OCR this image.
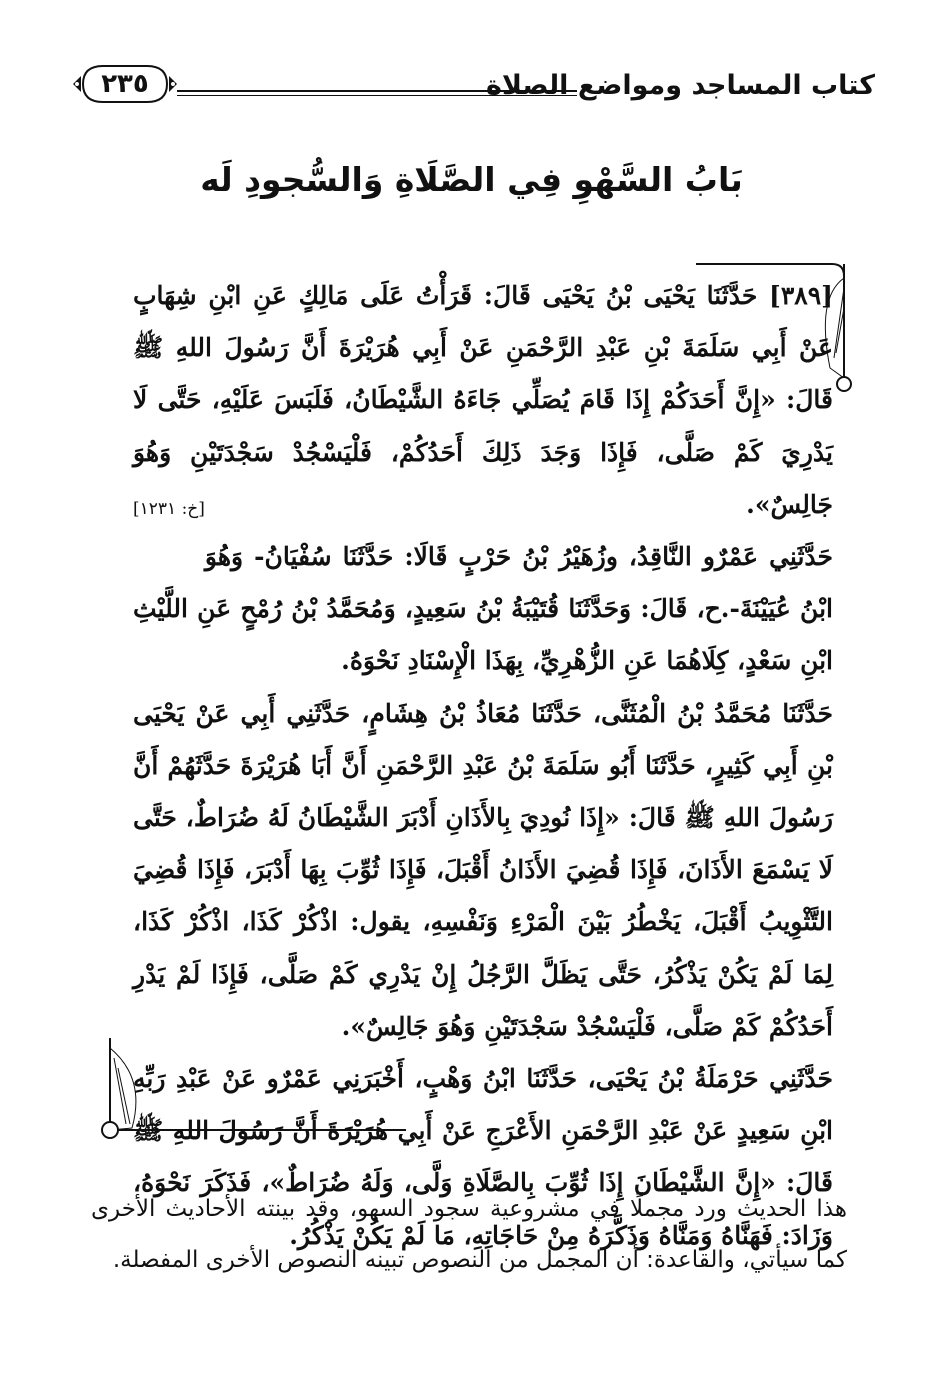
كتاب المساجد ومواضع الصلاة
٢٣٥
بَابُ السَّهْوِ فِي الصَّلَاةِ وَالسُّجودِ لَه

[٣٨٩] حَدَّثَنَا يَحْيَى بْنُ يَحْيَى قَالَ: قَرَأْتُ عَلَى مَالِكٍ عَنِ ابْنِ شِهَابٍ عَنْ أَبِي سَلَمَةَ بْنِ عَبْدِ الرَّحْمَنِ عَنْ أَبِي هُرَيْرَةَ أَنَّ رَسُولَ اللهِ ﷺ قَالَ: «إِنَّ أَحَدَكُمْ إِذَا قَامَ يُصَلِّي جَاءَهُ الشَّيْطَانُ، فَلَبَسَ عَلَيْهِ، حَتَّى لَا يَدْرِيَ كَمْ صَلَّى، فَإِذَا وَجَدَ ذَلِكَ أَحَدُكُمْ، فَلْيَسْجُدْ سَجْدَتَيْنِ وَهُوَ جَالِسٌ».
[خ: ١٢٣١]

حَدَّثَنِي عَمْرٌو النَّاقِدُ، وزُهَيْرُ بْنُ حَرْبٍ قَالَا: حَدَّثَنَا سُفْيَانُ- وَهُوَ ابْنُ عُيَيْنَةَ-.ح، قَالَ: وَحَدَّثَنَا قُتَيْبَةُ بْنُ سَعِيدٍ، وَمُحَمَّدُ بْنُ رُمْحٍ عَنِ اللَّيْثِ ابْنِ سَعْدٍ، كِلَاهُمَا عَنِ الزُّهْرِيِّ، بِهَذَا الْإِسْنَادِ نَحْوَهُ.

حَدَّثَنَا مُحَمَّدُ بْنُ الْمُثَنَّى، حَدَّثَنَا مُعَاذُ بْنُ هِشَامٍ، حَدَّثَنِي أَبِي عَنْ يَحْيَى بْنِ أَبِي كَثِيرٍ، حَدَّثَنَا أَبُو سَلَمَةَ بْنُ عَبْدِ الرَّحْمَنِ أَنَّ أَبَا هُرَيْرَةَ حَدَّثَهُمْ أَنَّ رَسُولَ اللهِ ﷺ قَالَ: «إِذَا نُودِيَ بِالأَذَانِ أَدْبَرَ الشَّيْطَانُ لَهُ ضُرَاطٌ، حَتَّى لَا يَسْمَعَ الأَذَانَ، فَإِذَا قُضِيَ الأَذَانُ أَقْبَلَ، فَإِذَا ثُوِّبَ بِهَا أَدْبَرَ، فَإِذَا قُضِيَ التَّثْوِيبُ أَقْبَلَ، يَخْطُرُ بَيْنَ الْمَرْءِ وَنَفْسِهِ، يقول: اذْكُرْ كَذَا، اذْكُرْ كَذَا، لِمَا لَمْ يَكُنْ يَذْكُرُ، حَتَّى يَظَلَّ الرَّجُلُ إِنْ يَدْرِي كَمْ صَلَّى، فَإِذَا لَمْ يَدْرِ أَحَدُكُمْ كَمْ صَلَّى، فَلْيَسْجُدْ سَجْدَتَيْنِ وَهُوَ جَالِسٌ».

حَدَّثَنِي حَرْمَلَةُ بْنُ يَحْيَى، حَدَّثَنَا ابْنُ وَهْبٍ، أَخْبَرَنِي عَمْرٌو عَنْ عَبْدِ رَبِّهِ ابْنِ سَعِيدٍ عَنْ عَبْدِ الرَّحْمَنِ الأَعْرَجِ عَنْ أَبِي هُرَيْرَةَ أَنَّ رَسُولَ اللهِ ﷺ قَالَ: «إِنَّ الشَّيْطَانَ إِذَا ثُوِّبَ بِالصَّلَاةِ وَلَّى، وَلَهُ ضُرَاطٌ»، فَذَكَرَ نَحْوَهُ، وَزَادَ: فَهَنَّاهُ وَمَنَّاهُ وَذَكَّرَهُ مِنْ حَاجَاتِهِ، مَا لَمْ يَكُنْ يَذْكُرُ.

هذا الحديث ورد مجملًا في مشروعية سجود السهو، وقد بينته الأحاديث الأخرى كما سيأتي، والقاعدة: أن المجمل من النصوص تبينه النصوص الأخرى المفصلة.
